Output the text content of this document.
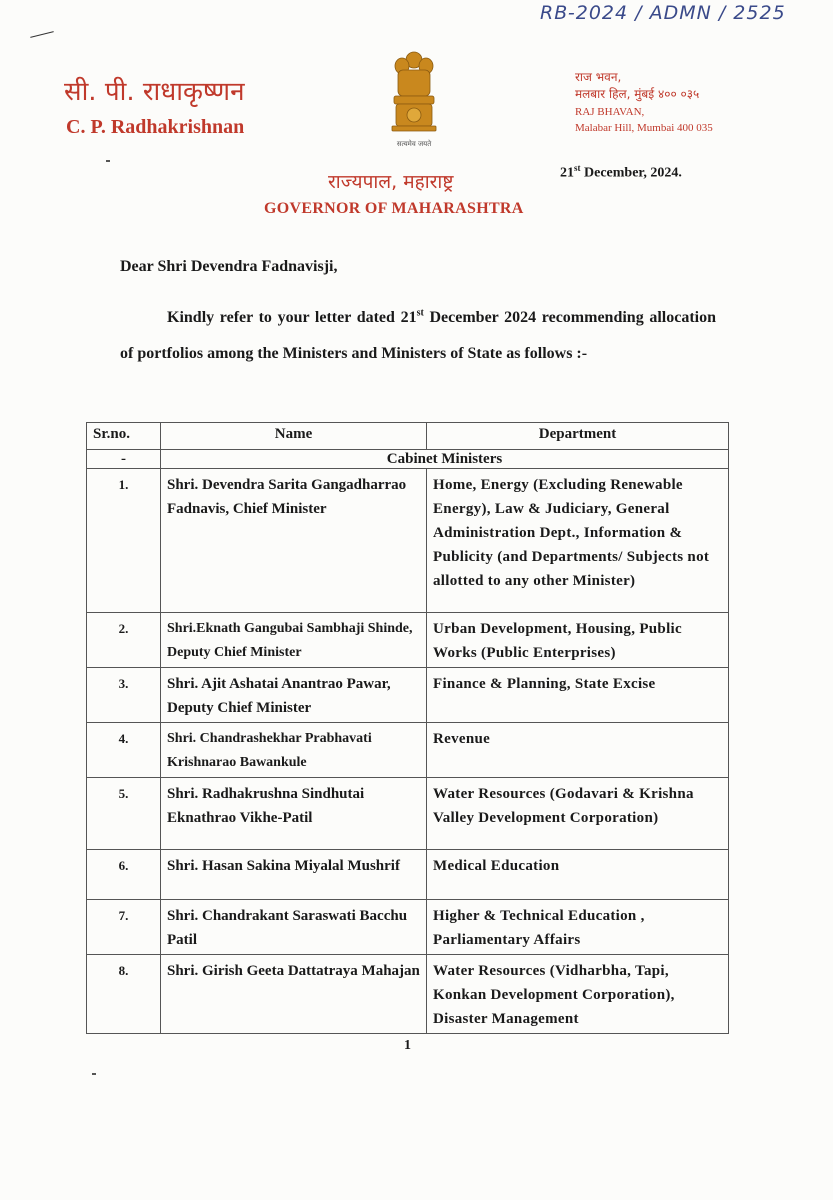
RB-2024 / ADMN / 2525
सी. पी. राधाकृष्णन
C. P. Radhakrishnan
सत्यमेव जयते
राज भवन,
मलबार हिल, मुंबई ४०० ०३५
RAJ BHAVAN,
Malabar Hill, Mumbai 400 035
राज्यपाल, महाराष्ट्र
GOVERNOR OF MAHARASHTRA
21st December, 2024.
Dear Shri Devendra Fadnavisji,

Kindly refer to your letter dated 21st December 2024 recommending allocation of portfolios among the Ministers and Ministers of State as follows :-

Sr.no.	Name	Department
-	Cabinet Ministers	
1.	Shri. Devendra Sarita Gangadharrao Fadnavis, Chief Minister	Home, Energy (Excluding Renewable Energy), Law & Judiciary, General Administration Dept., Information & Publicity (and Departments/ Subjects not allotted to any other Minister)
2.	Shri.Eknath Gangubai Sambhaji Shinde, Deputy Chief Minister	Urban Development, Housing, Public Works (Public Enterprises)
3.	Shri. Ajit Ashatai Anantrao Pawar, Deputy Chief Minister	Finance & Planning, State Excise
4.	Shri. Chandrashekhar Prabhavati Krishnarao Bawankule	Revenue
5.	Shri. Radhakrushna Sindhutai Eknathrao Vikhe-Patil	Water Resources (Godavari & Krishna Valley Development Corporation)
6.	Shri. Hasan Sakina Miyalal Mushrif	Medical Education
7.	Shri. Chandrakant Saraswati Bacchu Patil	Higher & Technical Education , Parliamentary Affairs
8.	Shri. Girish Geeta Dattatraya Mahajan	Water Resources (Vidharbha, Tapi, Konkan Development Corporation), Disaster Management
1
